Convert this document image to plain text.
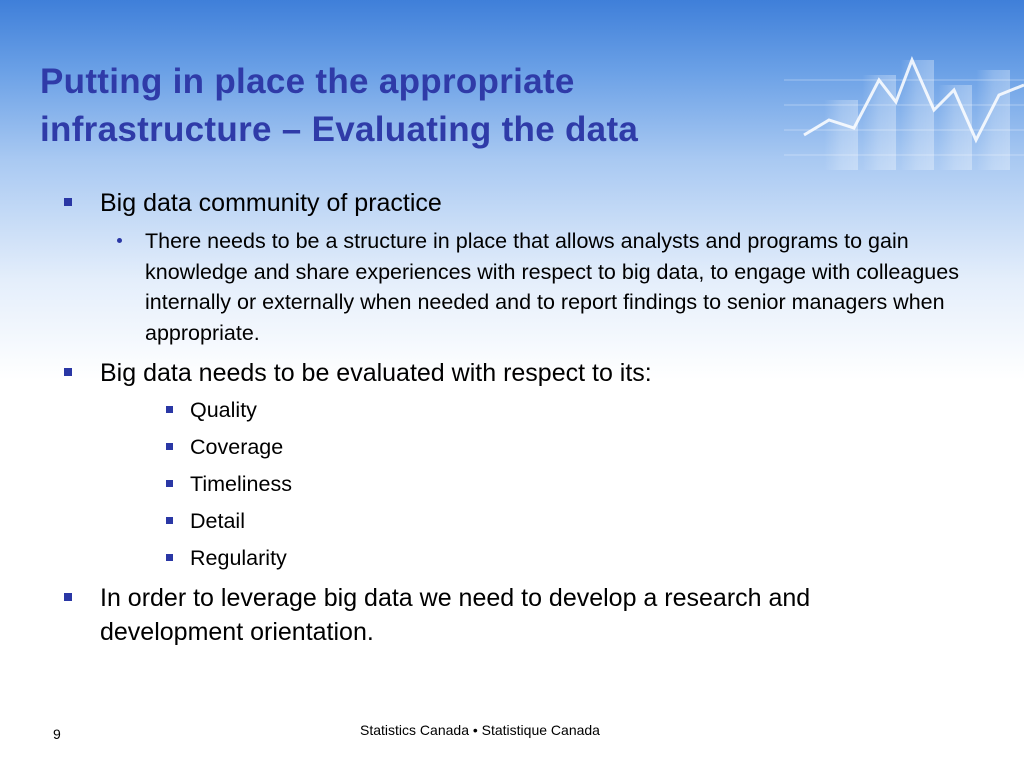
Putting in place the appropriate
infrastructure – Evaluating the data
Big data community of practice
There needs to be a structure in place that allows analysts and programs to gain knowledge and share experiences with respect to big data, to engage with colleagues internally or externally when needed and to report findings to senior managers when appropriate.
Big data needs to be evaluated with respect to its:
Quality
Coverage
Timeliness
Detail
Regularity
In order to leverage big data we need to develop a research and development orientation.
9	Statistics Canada • Statistique Canada
